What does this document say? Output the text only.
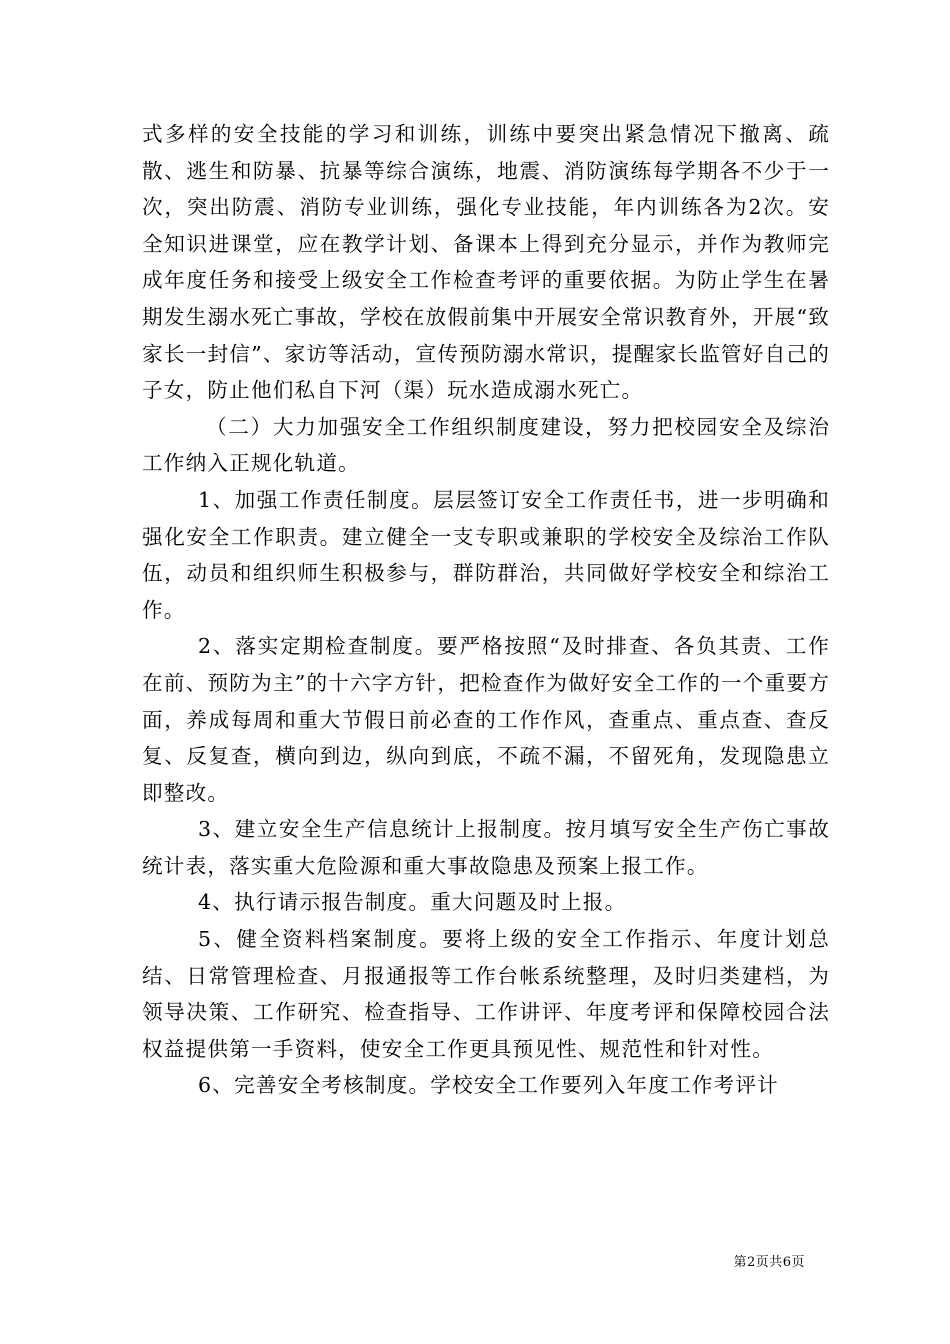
式多样的安全技能的学习和训练，训练中要突出紧急情况下撤离、疏散、逃生和防暴、抗暴等综合演练，地震、消防演练每学期各不少于一次，突出防震、消防专业训练，强化专业技能，年内训练各为2次。安全知识进课堂，应在教学计划、备课本上得到充分显示，并作为教师完成年度任务和接受上级安全工作检查考评的重要依据。为防止学生在暑期发生溺水死亡事故，学校在放假前集中开展安全常识教育外，开展“致家长一封信”、家访等活动，宣传预防溺水常识，提醒家长监管好自己的子女，防止他们私自下河（渠）玩水造成溺水死亡。

（二）大力加强安全工作组织制度建设，努力把校园安全及综治工作纳入正规化轨道。

1、加强工作责任制度。层层签订安全工作责任书，进一步明确和强化安全工作职责。建立健全一支专职或兼职的学校安全及综治工作队伍，动员和组织师生积极参与，群防群治，共同做好学校安全和综治工作。

2、落实定期检查制度。要严格按照“及时排查、各负其责、工作在前、预防为主”的十六字方针，把检查作为做好安全工作的一个重要方面，养成每周和重大节假日前必查的工作作风，查重点、重点查、查反复、反复查，横向到边，纵向到底，不疏不漏，不留死角，发现隐患立即整改。

3、建立安全生产信息统计上报制度。按月填写安全生产伤亡事故统计表，落实重大危险源和重大事故隐患及预案上报工作。

4、执行请示报告制度。重大问题及时上报。

5、健全资料档案制度。要将上级的安全工作指示、年度计划总结、日常管理检查、月报通报等工作台帐系统整理，及时归类建档，为领导决策、工作研究、检查指导、工作讲评、年度考评和保障校园合法权益提供第一手资料，使安全工作更具预见性、规范性和针对性。

6、完善安全考核制度。学校安全工作要列入年度工作考评计

第2页共6页
